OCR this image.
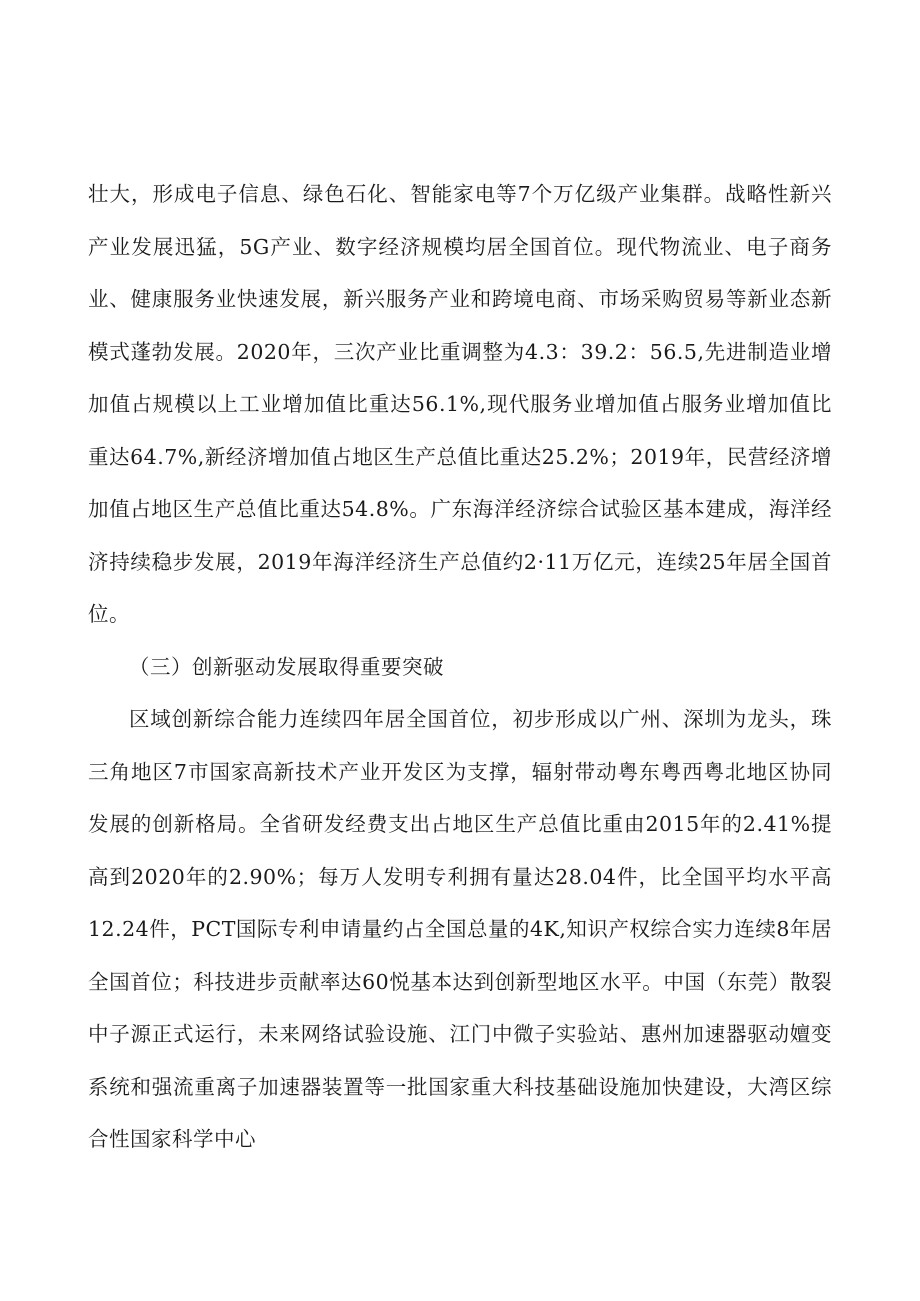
壮大，形成电子信息、绿色石化、智能家电等7个万亿级产业集群。战略性新兴产业发展迅猛，5G产业、数字经济规模均居全国首位。现代物流业、电子商务业、健康服务业快速发展，新兴服务产业和跨境电商、市场采购贸易等新业态新模式蓬勃发展。2020年，三次产业比重调整为4.3：39.2：56.5,先进制造业增加值占规模以上工业增加值比重达56.1%,现代服务业增加值占服务业增加值比重达64.7%,新经济增加值占地区生产总值比重达25.2%；2019年，民营经济增加值占地区生产总值比重达54.8%。广东海洋经济综合试验区基本建成，海洋经济持续稳步发展，2019年海洋经济生产总值约2·11万亿元，连续25年居全国首位。

（三）创新驱动发展取得重要突破

区域创新综合能力连续四年居全国首位，初步形成以广州、深圳为龙头，珠三角地区7市国家高新技术产业开发区为支撑，辐射带动粤东粤西粤北地区协同发展的创新格局。全省研发经费支出占地区生产总值比重由2015年的2.41%提高到2020年的2.90%；每万人发明专利拥有量达28.04件，比全国平均水平高12.24件，PCT国际专利申请量约占全国总量的4K,知识产权综合实力连续8年居全国首位；科技进步贡献率达60悦基本达到创新型地区水平。中国（东莞）散裂中子源正式运行，未来网络试验设施、江门中微子实验站、惠州加速器驱动嬗变系统和强流重离子加速器装置等一批国家重大科技基础设施加快建设，大湾区综合性国家科学中心
